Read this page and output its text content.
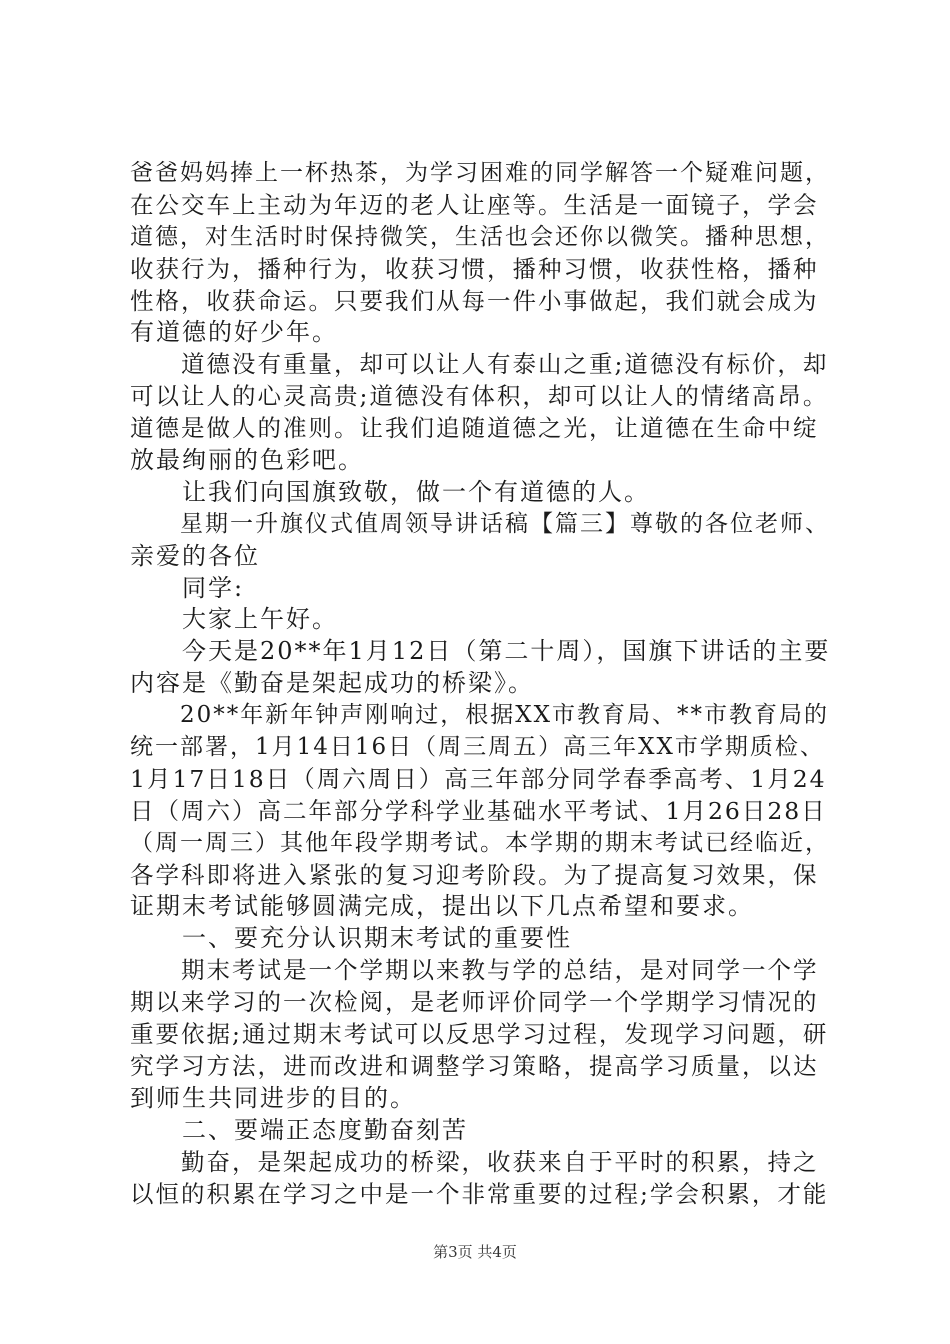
爸爸妈妈捧上一杯热茶，为学习困难的同学解答一个疑难问题，
在公交车上主动为年迈的老人让座等。生活是一面镜子，学会
道德，对生活时时保持微笑，生活也会还你以微笑。播种思想，
收获行为，播种行为，收获习惯，播种习惯，收获性格，播种
性格，收获命运。只要我们从每一件小事做起，我们就会成为
有道德的好少年。
　　道德没有重量，却可以让人有泰山之重;道德没有标价，却
可以让人的心灵高贵;道德没有体积，却可以让人的情绪高昂。
道德是做人的准则。让我们追随道德之光，让道德在生命中绽
放最绚丽的色彩吧。
　　让我们向国旗致敬，做一个有道德的人。
　　星期一升旗仪式值周领导讲话稿【篇三】尊敬的各位老师、
亲爱的各位
　　同学:
　　大家上午好。
　　今天是20**年1月12日（第二十周），国旗下讲话的主要
内容是《勤奋是架起成功的桥梁》。
　　20**年新年钟声刚响过，根据XX市教育局、**市教育局的
统一部署，1月14日16日（周三周五）高三年XX市学期质检、
1月17日18日（周六周日）高三年部分同学春季高考、1月24
日（周六）高二年部分学科学业基础水平考试、1月26日28日
（周一周三）其他年段学期考试。本学期的期末考试已经临近，
各学科即将进入紧张的复习迎考阶段。为了提高复习效果，保
证期末考试能够圆满完成，提出以下几点希望和要求。
　　一、要充分认识期末考试的重要性
　　期末考试是一个学期以来教与学的总结，是对同学一个学
期以来学习的一次检阅，是老师评价同学一个学期学习情况的
重要依据;通过期末考试可以反思学习过程，发现学习问题，研
究学习方法，进而改进和调整学习策略，提高学习质量，以达
到师生共同进步的目的。
　　二、要端正态度勤奋刻苦
　　勤奋，是架起成功的桥梁，收获来自于平时的积累，持之
以恒的积累在学习之中是一个非常重要的过程;学会积累，才能
第3页 共4页
